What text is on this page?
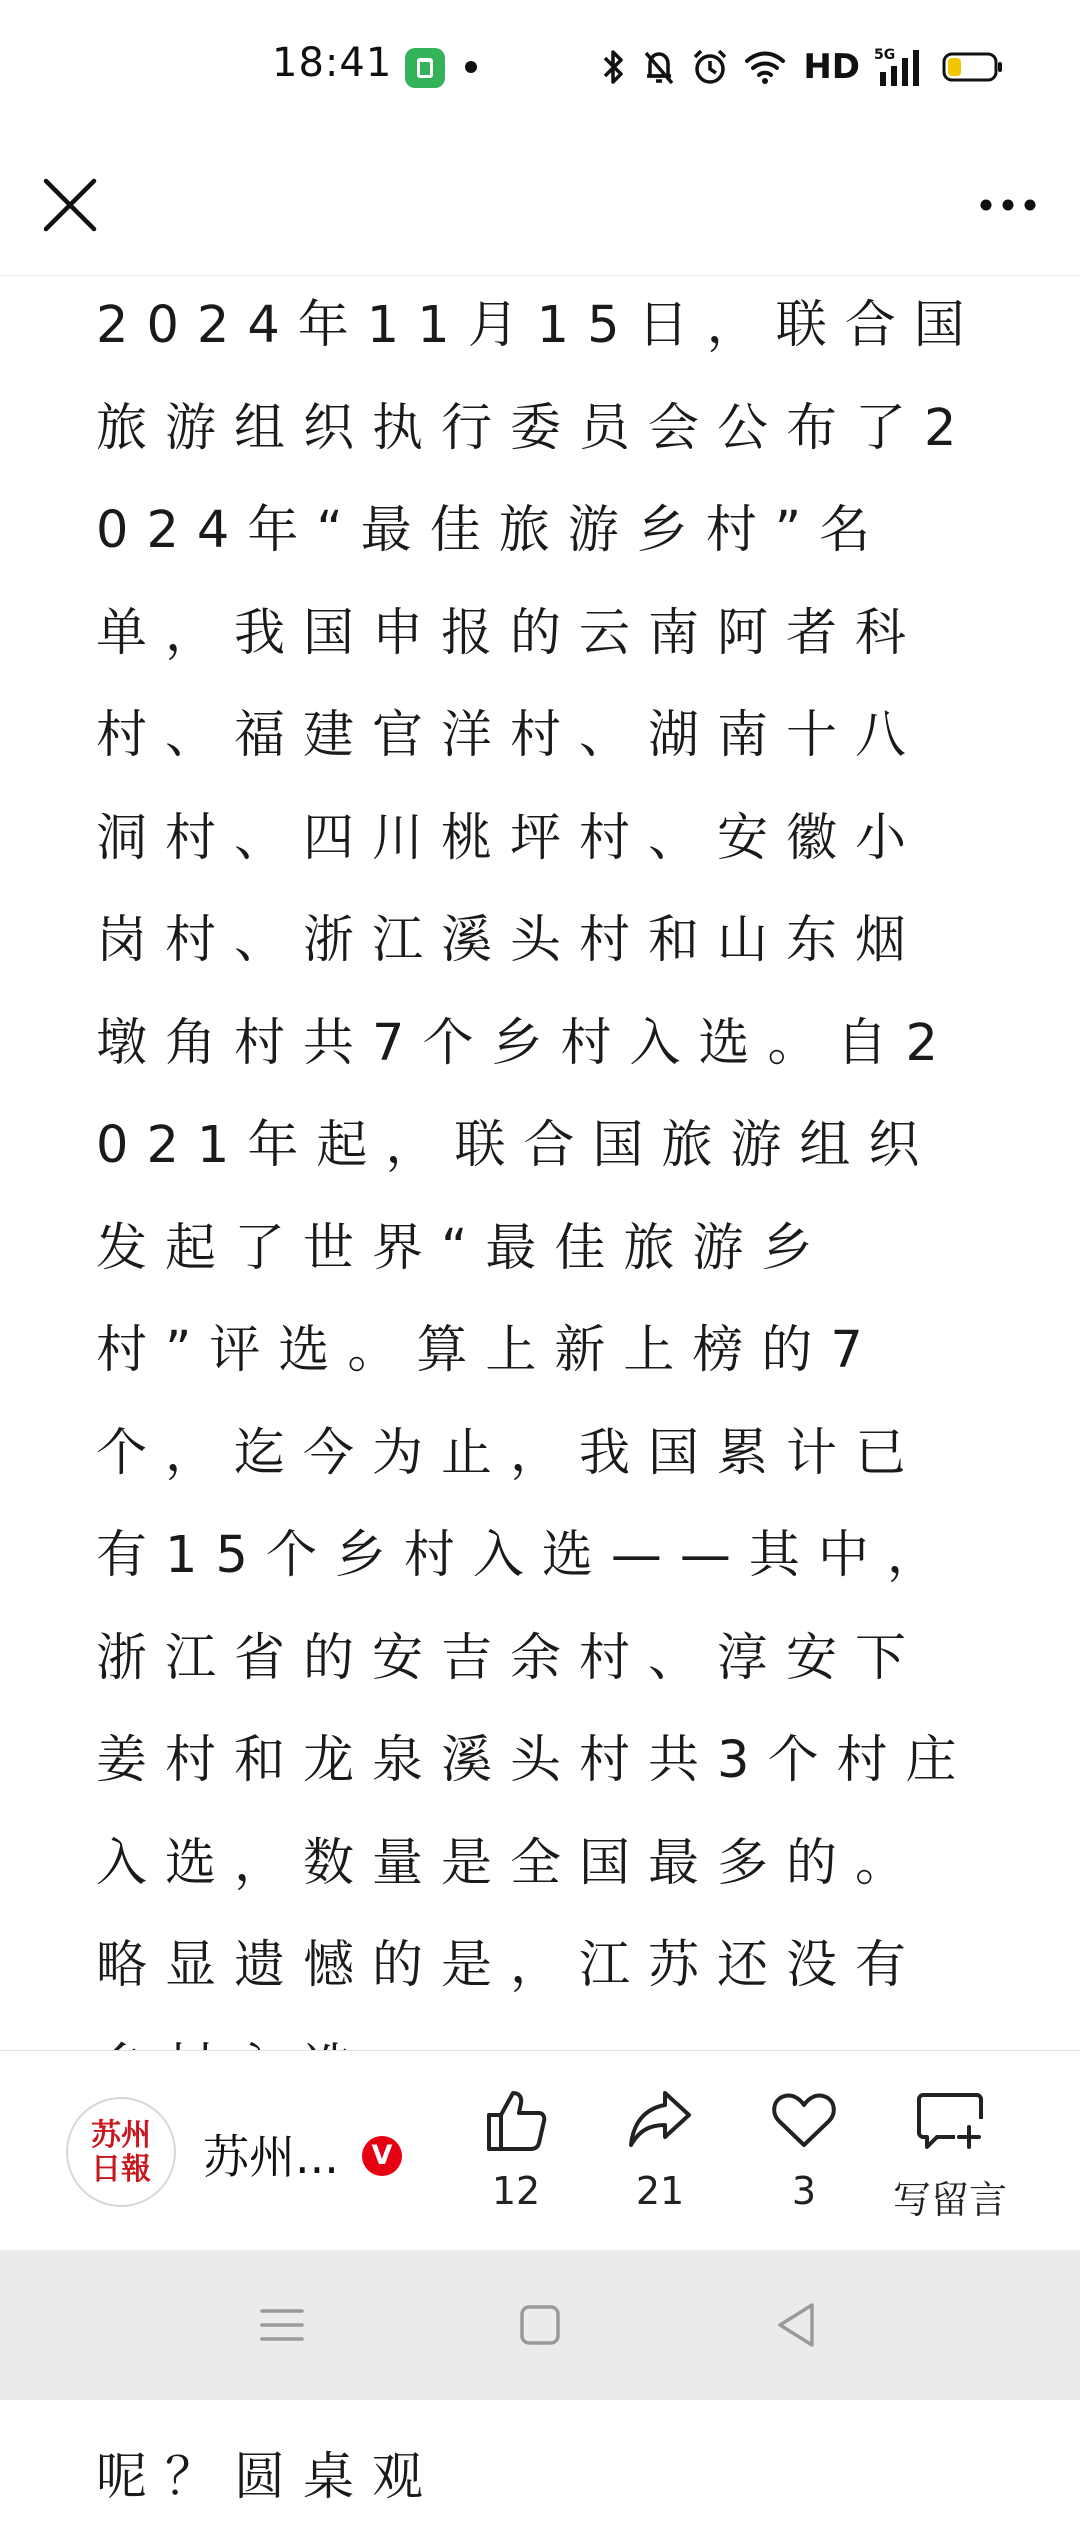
18:41	HD 5G

2024年11月15日，联合国旅游组织执行委员会公布了2024年“最佳旅游乡村”名单，我国申报的云南阿者科村、福建官洋村、湖南十八洞村、四川桃坪村、安徽小岗村、浙江溪头村和山东烟墩角村共7个乡村入选。自2021年起，联合国旅游组织发起了世界“最佳旅游乡村”评选。算上新上榜的7个，迄今为止，我国累计已有15个乡村入选——其中，浙江省的安吉余村、淳安下姜村和龙泉溪头村共3个村庄入选，数量是全国最多的。略显遗憾的是，江苏还没有

呢？圆桌观

苏州
日報 苏州...	V
12	21	3	写留言
